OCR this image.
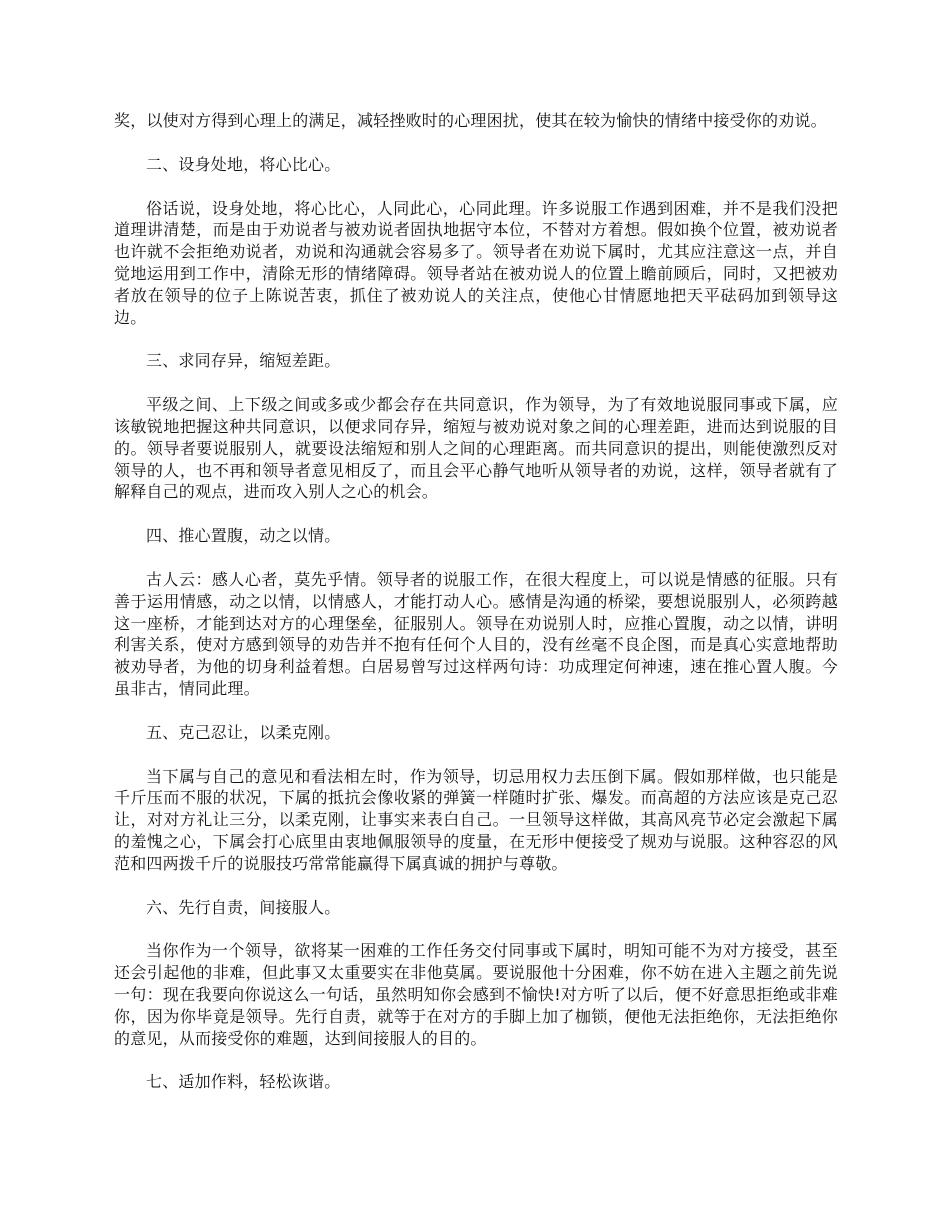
奖，以使对方得到心理上的满足，减轻挫败时的心理困扰，使其在较为愉快的情绪中接受你的劝说。

二、设身处地，将心比心。

俗话说，设身处地，将心比心，人同此心，心同此理。许多说服工作遇到困难，并不是我们没把道理讲清楚，而是由于劝说者与被劝说者固执地据守本位，不替对方着想。假如换个位置，被劝说者也许就不会拒绝劝说者，劝说和沟通就会容易多了。领导者在劝说下属时，尤其应注意这一点，并自觉地运用到工作中，清除无形的情绪障碍。领导者站在被劝说人的位置上瞻前顾后，同时，又把被劝者放在领导的位子上陈说苦衷，抓住了被劝说人的关注点，使他心甘情愿地把天平砝码加到领导这边。

三、求同存异，缩短差距。

平级之间、上下级之间或多或少都会存在共同意识，作为领导，为了有效地说服同事或下属，应该敏锐地把握这种共同意识，以便求同存异，缩短与被劝说对象之间的心理差距，进而达到说服的目的。领导者要说服别人，就要设法缩短和别人之间的心理距离。而共同意识的提出，则能使激烈反对领导的人，也不再和领导者意见相反了，而且会平心静气地听从领导者的劝说，这样，领导者就有了解释自己的观点，进而攻入别人之心的机会。

四、推心置腹，动之以情。

古人云：感人心者，莫先乎情。领导者的说服工作，在很大程度上，可以说是情感的征服。只有善于运用情感，动之以情，以情感人，才能打动人心。感情是沟通的桥梁，要想说服别人，必须跨越这一座桥，才能到达对方的心理堡垒，征服别人。领导在劝说别人时，应推心置腹，动之以情，讲明利害关系，使对方感到领导的劝告并不抱有任何个人目的，没有丝毫不良企图，而是真心实意地帮助被劝导者，为他的切身利益着想。白居易曾写过这样两句诗：功成理定何神速，速在推心置人腹。今虽非古，情同此理。

五、克己忍让，以柔克刚。

当下属与自己的意见和看法相左时，作为领导，切忌用权力去压倒下属。假如那样做，也只能是千斤压而不服的状况，下属的抵抗会像收紧的弹簧一样随时扩张、爆发。而高超的方法应该是克己忍让，对对方礼让三分，以柔克刚，让事实来表白自己。一旦领导这样做，其高风亮节必定会激起下属的羞愧之心，下属会打心底里由衷地佩服领导的度量，在无形中便接受了规劝与说服。这种容忍的风范和四两拨千斤的说服技巧常常能赢得下属真诚的拥护与尊敬。

六、先行自责，间接服人。

当你作为一个领导，欲将某一困难的工作任务交付同事或下属时，明知可能不为对方接受，甚至还会引起他的非难，但此事又太重要实在非他莫属。要说服他十分困难，你不妨在进入主题之前先说一句：现在我要向你说这么一句话，虽然明知你会感到不愉快!对方听了以后，便不好意思拒绝或非难你，因为你毕竟是领导。先行自责，就等于在对方的手脚上加了枷锁，便他无法拒绝你，无法拒绝你的意见，从而接受你的难题，达到间接服人的目的。

七、适加作料，轻松诙谐。
